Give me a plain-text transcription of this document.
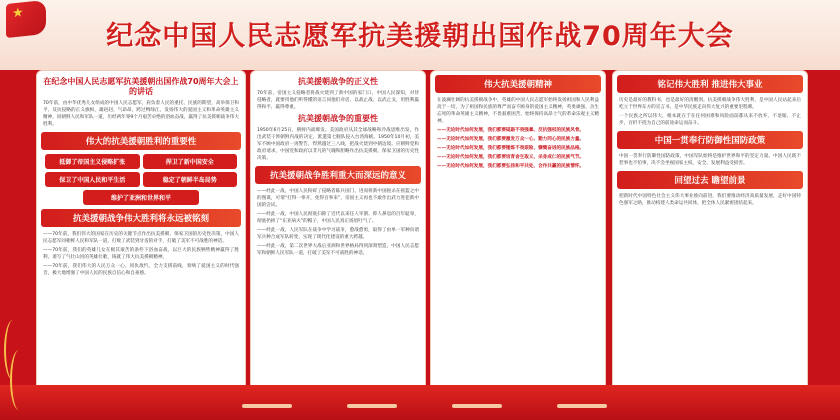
★
纪念中国人民志愿军抗美援朝出国作战70周年大会
在纪念中国人民志愿军抗美援朝出国作战70周年大会上的讲话
70年前，由中华优秀儿女组成的中国人民志愿军，肩负着人民的重托、民族的期望，高举保卫和平、反抗侵略的正义旗帜，雄赳赳、气昂昂，跨过鸭绿江，发扬伟大的爱国主义和革命英雄主义精神，同朝鲜人民和军队一道，历经两年零9个月艰苦卓绝的浴血奋战，赢得了抗美援朝战争伟大胜利。
伟大的抗美援朝胜利的重要性
抵御了帝国主义侵略扩张	捍卫了新中国安全
保卫了中国人民和平生活	稳定了朝鲜半岛局势
维护了亚洲和世界和平
抗美援朝战争伟大胜利将永远被铭刻
——70年前，我们伟大的国家在历史的关键节点作出抗美援朝、保家卫国的历史性决策，中国人民志愿军同朝鲜人民和军队一道，打败了武装到牙齿的对手，打破了美军不可战胜的神话。
——70年前，我们的英雄儿女在极其艰苦的条件下浴血奋战，以巨大的民族牺牲精神赢得了胜利，谱写了气壮山河的英雄壮歌，铸就了伟大抗美援朝精神。
——70年前，我们伟大的人民万众一心、同仇敌忾，全力支援前线，奏响了爱国主义的时代强音，极大地增强了中国人民的民族自信心和自豪感。
抗美援朝战争的正义性
70年前，帝国主义侵略者将战火烧到了新中国的家门口，中国人民深知，对待侵略者，就要用他们听得懂的语言同他们对话，以战止战、以武止戈，用胜利赢得和平、赢得尊重。
抗美援朝战争的重要性
1950年6月25日，朝鲜内战爆发。美国政府从其全球战略和冷战思维出发，作出武装干涉朝鲜内战的决定，派遣第七舰队侵入台湾海峡。1950年10月初，美军不顾中国政府一再警告，悍然越过三八线，把战火烧到中朝边境。应朝鲜党和政府请求，中国党和政府以非凡的气魄和胆略作出抗美援朝、保家卫国的历史性决策。
抗美援朝战争胜利重大而深远的意义
——经此一战，中国人民粉碎了侵略者陈兵国门、进而将新中国扼杀在摇篮之中的图谋，可谓“打得一拳开，免得百拳来”，帝国主义再也不敢作出武力进犯新中国的尝试。
——经此一战，中国人民彻底扫除了近代以来任人宰割、仰人鼻息的百年耻辱，彻底扔掉了“东亚病夫”的帽子，中国人民真正扬眉吐气了。
——经此一战，人民军队在战争中学习战争，愈战愈勇，取得了由单一军种向诸军兵种合成军队转变、实现了现代化建设的重大跨越。
——经此一战，第二次世界大战后亚洲和世界格局得到深刻塑造，中国人民志愿军和朝鲜人民军队一道，打破了美军不可战胜的神话。
伟大抗美援朝精神
在波澜壮阔的抗美援朝战争中，英雄的中国人民志愿军始终发扬祖国和人民利益高于一切、为了祖国和民族的尊严而奋不顾身的爱国主义精神，英勇顽强、舍生忘死的革命英雄主义精神，不畏艰难困苦、始终保持高昂士气的革命乐观主义精神。
——无论时代如何发展，我们都要砥砺不畏强暴、反抗强权的民族风骨。
——无论时代如何发展，我们都要激发万众一心、勠力同心的民族力量。
——无论时代如何发展，我们都要锤炼不畏艰险、慷慨奋进的民族品格。
——无论时代如何发展，我们都要培育舍生取义、杀身成仁的民族气节。
——无论时代如何发展，我们都要弘扬和平共处、合作共赢的民族情怀。
铭记伟大胜利 推进伟大事业
历史是最好的教科书，也是最好的清醒剂。抗美援朝战争伟大胜利，是中国人民站起来后屹立于世界东方的宣言书，是中华民族走向伟大复兴的重要里程碑。
一个民族之所以伟大，根本就在于在任何困难和风险面前都从来不放弃、不退缩、不止步，百折不挠为自己的前途命运而奋斗。
中国一贯奉行防御性国防政策
中国一贯奉行防御性国防政策，中国军队始终是维护世界和平的坚定力量。中国人民既不惹事也不怕事，决不会坐视国家主权、安全、发展利益受损害。
回望过去 瞻望前景
把新时代中国特色社会主义伟大事业推向前进，我们要推动经济高质量发展，走好中国特色强军之路，推动构建人类命运共同体，把全体人民紧密团结起来。
